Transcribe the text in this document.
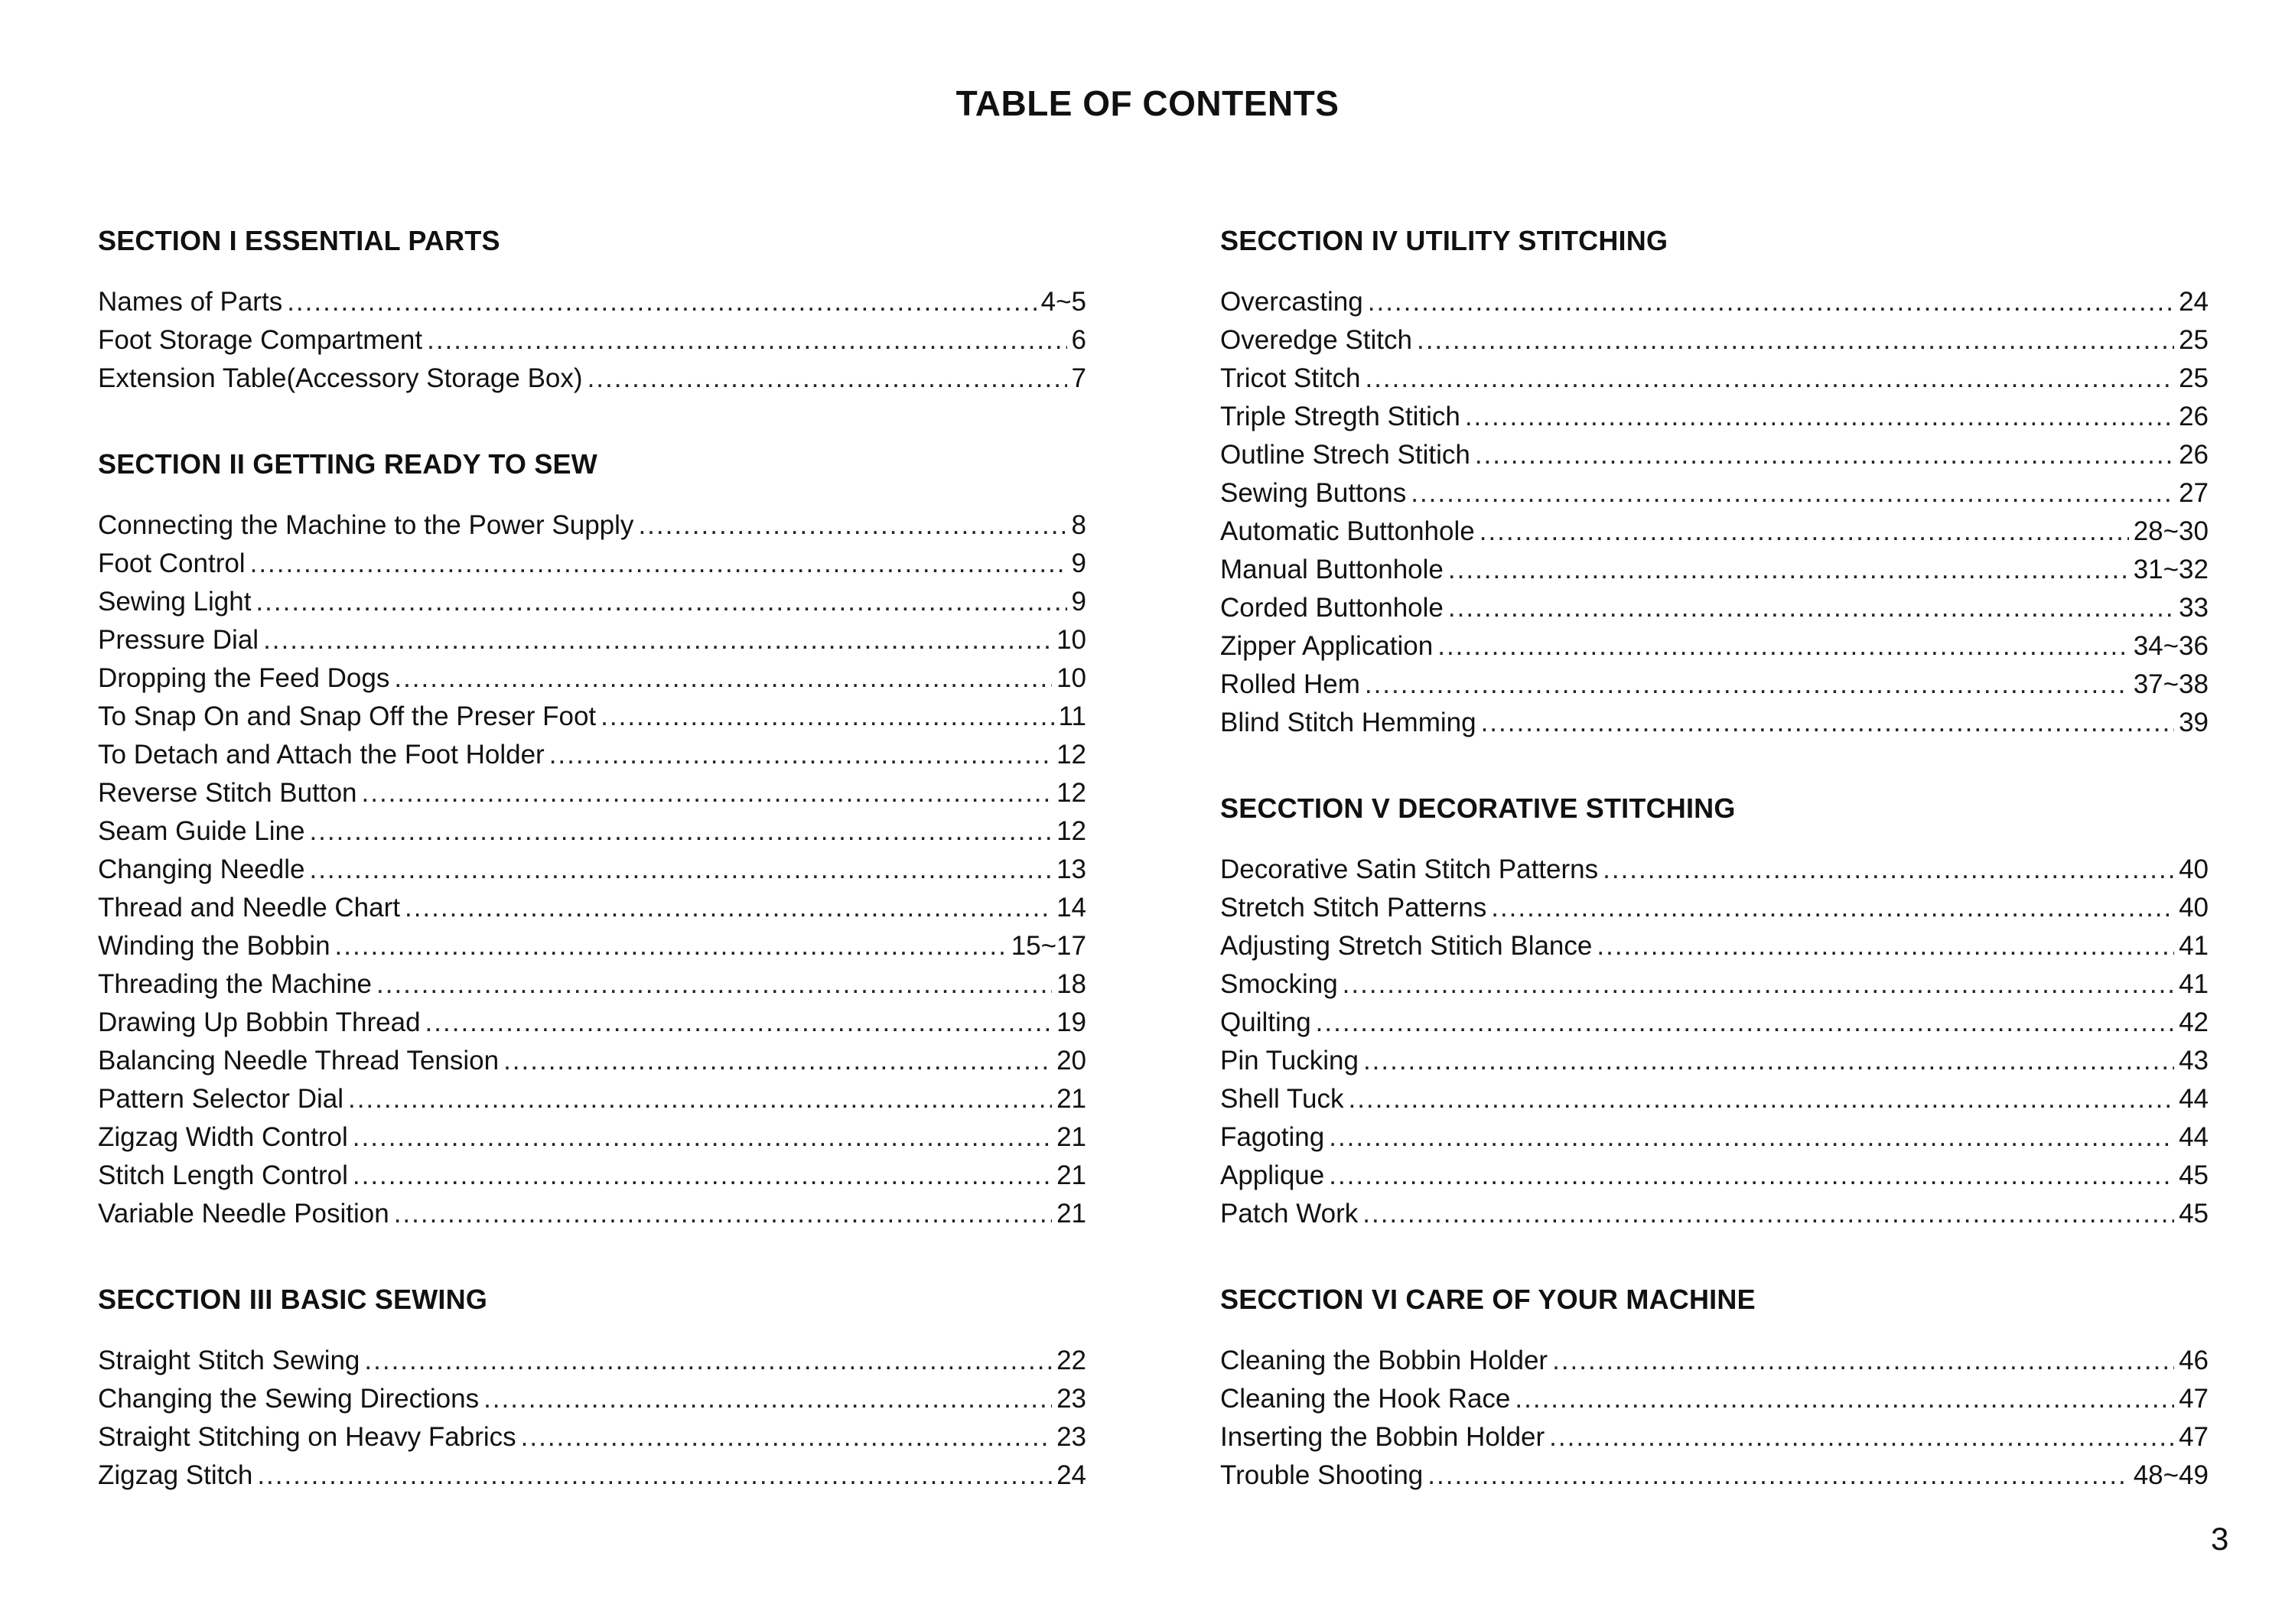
TABLE OF CONTENTS
SECTION I ESSENTIAL PARTS
Names of Parts .....	4~5
Foot Storage Compartment .....	6
Extension Table(Accessory Storage Box) .....	7
SECTION II GETTING READY TO SEW
Connecting the Machine to the Power Supply .....	8
Foot Control .....	9
Sewing Light .....	9
Pressure Dial .....	10
Dropping the Feed Dogs .....	10
To Snap On and Snap Off the Preser Foot .....	11
To Detach and Attach the Foot Holder .....	12
Reverse Stitch Button .....	12
Seam Guide Line .....	12
Changing Needle .....	13
Thread and Needle Chart .....	14
Winding the Bobbin .....	15~17
Threading the Machine .....	18
Drawing Up Bobbin Thread .....	19
Balancing Needle Thread Tension .....	20
Pattern Selector Dial .....	21
Zigzag Width Control .....	21
Stitch Length Control .....	21
Variable Needle Position .....	21
SECCTION III BASIC SEWING
Straight Stitch Sewing .....	22
Changing the Sewing Directions .....	23
Straight Stitching on Heavy Fabrics .....	23
Zigzag Stitch .....	24
SECCTION IV UTILITY STITCHING
Overcasting .....	24
Overedge Stitch .....	25
Tricot Stitch .....	25
Triple Stregth Stitich .....	26
Outline Strech Stitich .....	26
Sewing Buttons .....	27
Automatic Buttonhole .....	28~30
Manual Buttonhole .....	31~32
Corded Buttonhole .....	33
Zipper Application .....	34~36
Rolled Hem .....	37~38
Blind Stitch Hemming .....	39
SECCTION V DECORATIVE STITCHING
Decorative Satin Stitch Patterns .....	40
Stretch Stitch Patterns .....	40
Adjusting Stretch Stitich Blance .....	41
Smocking .....	41
Quilting .....	42
Pin Tucking .....	43
Shell Tuck .....	44
Fagoting .....	44
Applique .....	45
Patch Work .....	45
SECCTION VI CARE OF YOUR MACHINE
Cleaning the Bobbin Holder .....	46
Cleaning the Hook Race .....	47
Inserting the Bobbin Holder .....	47
Trouble Shooting .....	48~49
3
